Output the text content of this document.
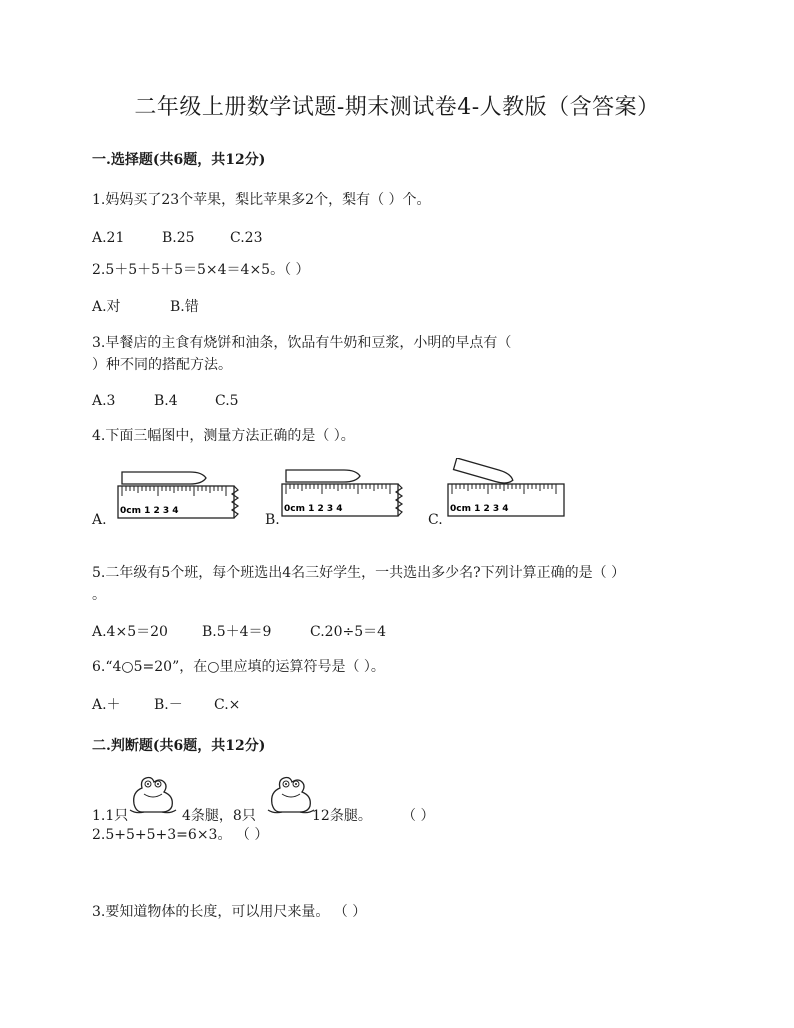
二年级上册数学试题-期末测试卷4-人教版（含答案）
一.选择题(共6题，共12分)
1.妈妈买了23个苹果，梨比苹果多2个，梨有（ ）个。
A.21	B.25	C.23
2.5＋5＋5＋5＝5×4＝4×5。（ ）
A.对	B.错
3.早餐店的主食有烧饼和油条，饮品有牛奶和豆浆，小明的早点有（
）种不同的搭配方法。
A.3	B.4	C.5
4.下面三幅图中，测量方法正确的是（ ）。
A.	B.	C.
0cm 1 2 3 4	0cm 1 2 3 4	0cm 1 2 3 4
5.二年级有5个班，每个班选出4名三好学生，一共选出多少名?下列计算正确的是（ ）
。
A.4×5＝20 B.5＋4＝9	C.20÷5＝4
6.“4○5=20”，在○里应填的运算符号是（ ）。
A.＋ B.－ C.×
二.判断题(共6题，共12分)
1.1只	4条腿，8只	12条腿。 （ ）
2.5+5+5+3=6×3。 （ ）
3.要知道物体的长度，可以用尺来量。 （ ）
